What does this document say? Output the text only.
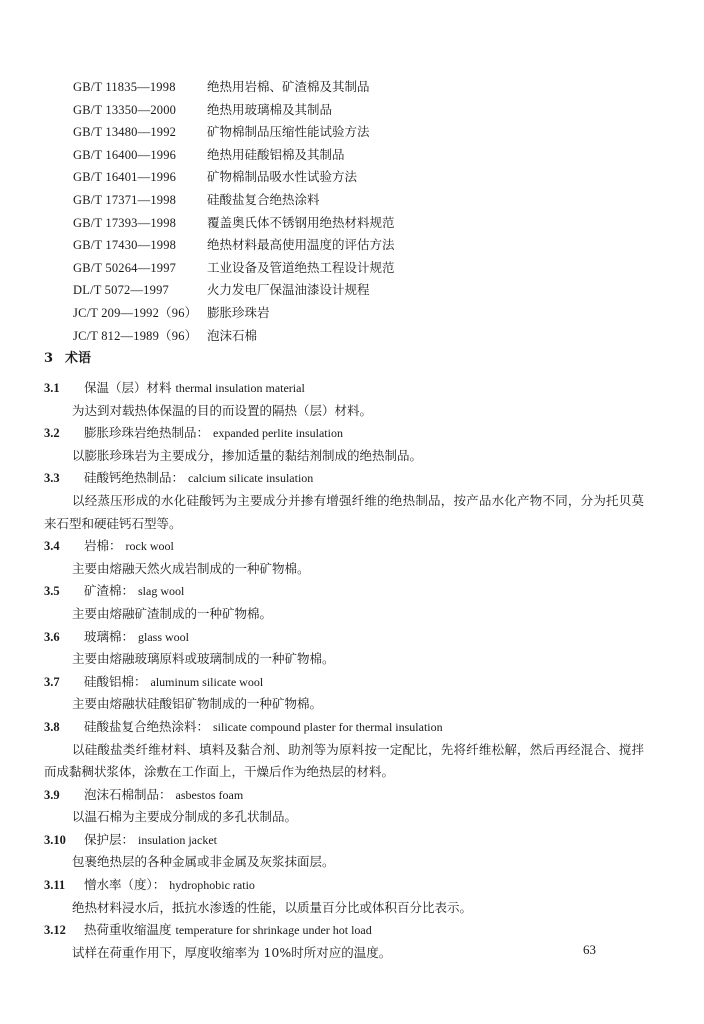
GB/T 11835—1998	绝热用岩棉、矿渣棉及其制品
GB/T 13350—2000 绝热用玻璃棉及其制品
GB/T 13480—1992 矿物棉制品压缩性能试验方法
GB/T 16400—1996 绝热用硅酸铝棉及其制品
GB/T 16401—1996 矿物棉制品吸水性试验方法
GB/T 17371—1998 硅酸盐复合绝热涂料
GB/T 17393—1998 覆盖奥氏体不锈钢用绝热材料规范
GB/T 17430—1998 绝热材料最高使用温度的评估方法
GB/T 50264—1997 工业设备及管道绝热工程设计规范
DL/T 5072—1997	火力发电厂保温油漆设计规程
JC/T 209—1992（96） 膨胀珍珠岩
JC/T 812—1989（96） 泡沫石棉
3 术语
3.1 保温（层）材料 thermal insulation material
为达到对载热体保温的目的而设置的隔热（层）材料。
3.2 膨胀珍珠岩绝热制品： expanded perlite insulation
以膨胀珍珠岩为主要成分，掺加适量的黏结剂制成的绝热制品。
3.3 硅酸钙绝热制品： calcium silicate insulation
以经蒸压形成的水化硅酸钙为主要成分并掺有增强纤维的绝热制品，按产品水化产物不同，分为托贝莫来石型和硬硅钙石型等。
3.4 岩棉： rock wool
主要由熔融天然火成岩制成的一种矿物棉。
3.5 矿渣棉： slag wool
主要由熔融矿渣制成的一种矿物棉。
3.6 玻璃棉： glass wool
主要由熔融玻璃原料或玻璃制成的一种矿物棉。
3.7 硅酸铝棉： aluminum silicate wool
主要由熔融状硅酸铝矿物制成的一种矿物棉。
3.8 硅酸盐复合绝热涂料： silicate compound plaster for thermal insulation
以硅酸盐类纤维材料、填料及黏合剂、助剂等为原料按一定配比，先将纤维松解，然后再经混合、搅拌而成黏稠状浆体，涂敷在工作面上，干燥后作为绝热层的材料。
3.9 泡沫石棉制品： asbestos foam
以温石棉为主要成分制成的多孔状制品。
3.10 保护层： insulation jacket
包裹绝热层的各种金属或非金属及灰浆抹面层。
3.11 憎水率（度）： hydrophobic ratio
绝热材料浸水后，抵抗水渗透的性能，以质量百分比或体积百分比表示。
3.12 热荷重收缩温度 temperature for shrinkage under hot load
试样在荷重作用下，厚度收缩率为 10%时所对应的温度。	63
